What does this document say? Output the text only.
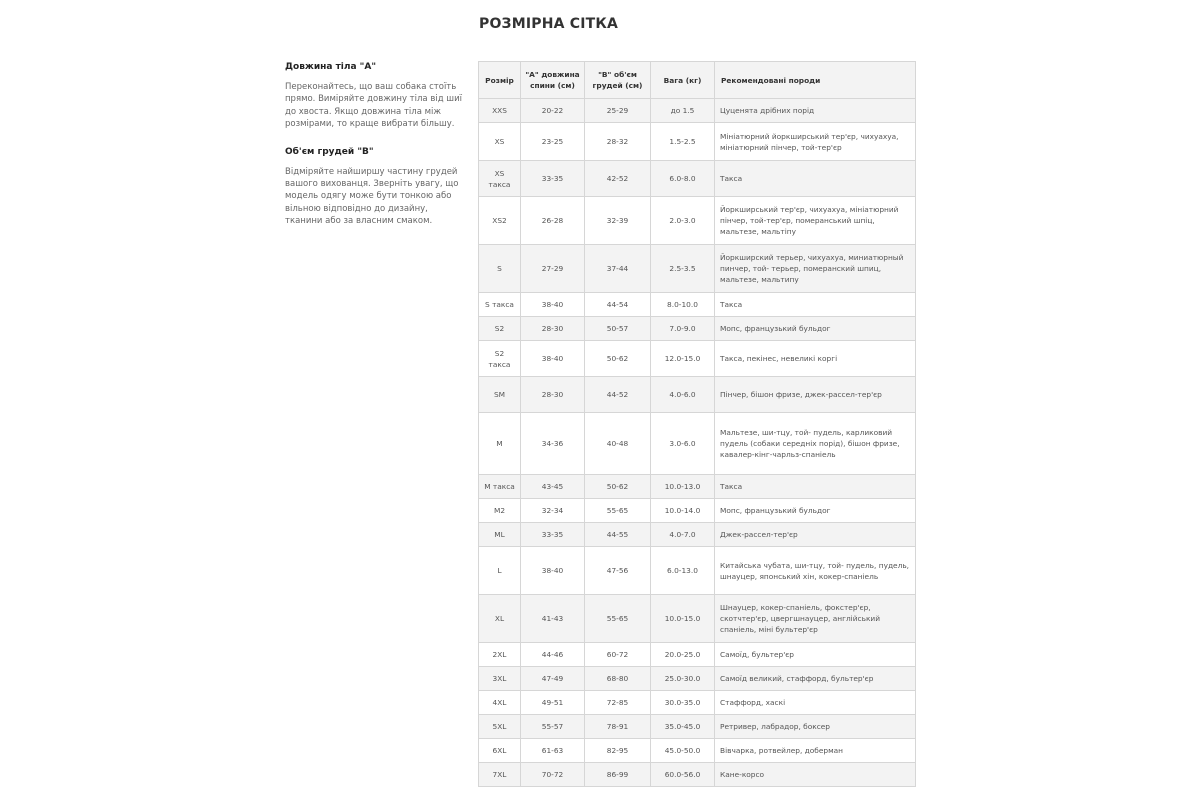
РОЗМІРНА СІТКА

Довжина тіла "А"

Переконайтесь, що ваш собака стоїть прямо. Виміряйте довжину тіла від шиї до хвоста. Якщо довжина тіла між розмірами, то краще вибрати більшу.

Об'єм грудей "В"

Відміряйте найширшу частину грудей вашого вихованця. Зверніть увагу, що модель одягу може бути тонкою або вільною відповідно до дизайну, тканини або за власним смаком.

Розмір	"А" довжина спини (см)	"В" об'єм грудей (см)	Вага (кг)	Рекомендовані породи
XXS	20-22	25-29	до 1.5	Цуценята дрібних порід
XS	23-25	28-32	1.5-2.5	Мініатюрний йоркширський тер'єр, чихуахуа, мініатюрний пінчер, той-тер'єр
XS такса	33-35	42-52	6.0-8.0	Такса
XS2	26-28	32-39	2.0-3.0	Йоркширський тер'єр, чихуахуа, мініатюрний пінчер, той-тер'єр, померанський шпіц, мальтезе, мальтіпу
S	27-29	37-44	2.5-3.5	Йоркширский терьер, чихуахуа, миниатюрный пинчер, той- терьер, померанский шпиц, мальтезе, мальтипу
S такса	38-40	44-54	8.0-10.0	Такса
S2	28-30	50-57	7.0-9.0	Мопс, французький бульдог
S2 такса	38-40	50-62	12.0-15.0	Такса, пекінес, невеликі коргі
SM	28-30	44-52	4.0-6.0	Пінчер, бішон фризе, джек-рассел-тер'єр
M	34-36	40-48	3.0-6.0	Мальтезе, ши-тцу, той- пудель, карликовий пудель (собаки середніх порід), бішон фризе, кавалер-кінг-чарльз-спаніель
M такса	43-45	50-62	10.0-13.0	Такса
M2	32-34	55-65	10.0-14.0	Мопс, французький бульдог
ML	33-35	44-55	4.0-7.0	Джек-рассел-тер'єр
L	38-40	47-56	6.0-13.0	Китайська чубата, ши-тцу, той- пудель, пудель, шнауцер, японський хін, кокер-спаніель
XL	41-43	55-65	10.0-15.0	Шнауцер, кокер-спаніель, фокстер'єр, скотчтер'єр, цвергшнауцер, англійський спаніель, міні бультер'єр
2XL	44-46	60-72	20.0-25.0	Самоїд, бультер'єр
3XL	47-49	68-80	25.0-30.0	Самоїд великий, стаффорд, бультер'єр
4XL	49-51	72-85	30.0-35.0	Стаффорд, хаскі
5XL	55-57	78-91	35.0-45.0	Ретривер, лабрадор, боксер
6XL	61-63	82-95	45.0-50.0	Вівчарка, ротвейлер, доберман
7XL	70-72	86-99	60.0-56.0	Кане-корсо
